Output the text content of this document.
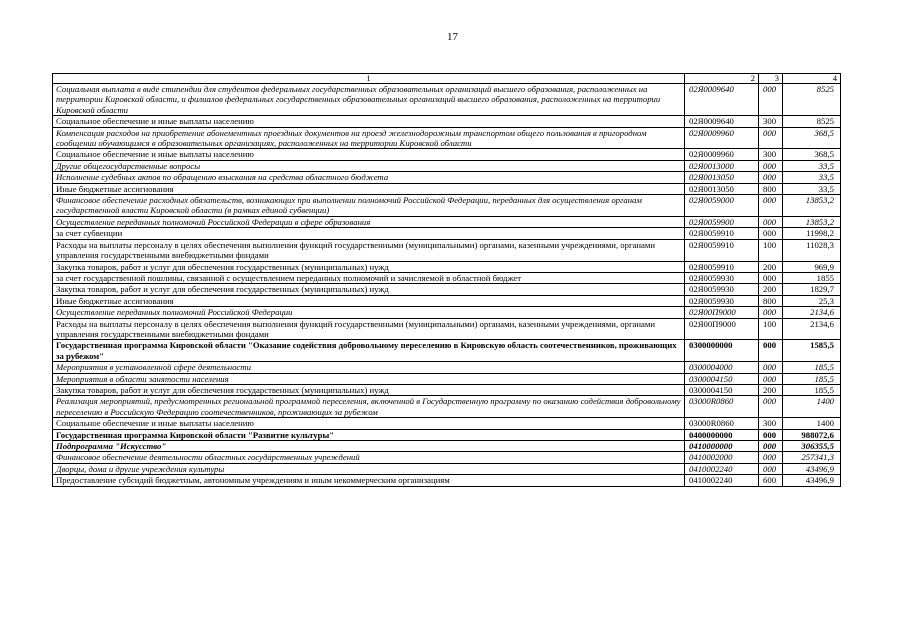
17
1	2	3	4
Социальная выплата в виде стипендии для студентов федеральных государственных образовательных организаций высшего образования, расположенных на территории Кировской области, и филиалов федеральных государственных образовательных организаций высшего образования, расположенных на территории Кировской области	02Я0009640	000	8525
Социальное обеспечение и иные выплаты населению	02Я0009640	300	8525
Компенсация расходов на приобретение абонементных проездных документов на проезд железнодорожным транспортом общего пользования в пригородном сообщении обучающимся в образовательных организациях, расположенных на территории Кировской области	02Я0009960	000	368,5
Социальное обеспечение и иные выплаты населению	02Я0009960	300	368,5
Другие общегосударственные вопросы	02Я0013000	000	33,5
Исполнение судебных актов по обращению взыскания на средства областного бюджета	02Я0013050	000	33,5
Иные бюджетные ассигнования	02Я0013050	800	33,5
Финансовое обеспечение расходных обязательств, возникающих при выполнении полномочий Российской Федерации, переданных для осуществления органам государственной власти Кировской области (в рамках единой субвенции)	02Я0059000	000	13853,2
Осуществление переданных полномочий Российской Федерации в сфере образования	02Я0059900	000	13853,2
за счет субвенции	02Я0059910	000	11998,2
Расходы на выплаты персоналу в целях обеспечения выполнения функций государственными (муниципальными) органами, казенными учреждениями, органами управления государственными внебюджетными фондами	02Я0059910	100	11028,3
Закупка товаров, работ и услуг для обеспечения государственных (муниципальных) нужд	02Я0059910	200	969,9
за счет государственной пошлины, связанной с осуществлением переданных полномочий и зачисляемой в областной бюджет	02Я0059930	000	1855
Закупка товаров, работ и услуг для обеспечения государственных (муниципальных) нужд	02Я0059930	200	1829,7
Иные бюджетные ассигнования	02Я0059930	800	25,3
Осуществление переданных полномочий Российской Федерации	02Я00П9000	000	2134,6
Расходы на выплаты персоналу в целях обеспечения выполнения функций государственными (муниципальными) органами, казенными учреждениями, органами управления государственными внебюджетными фондами	02Я00П9000	100	2134,6
Государственная программа Кировской области "Оказание содействия добровольному переселению в Кировскую область соотечественников, проживающих за рубежом"	0300000000	000	1585,5
Мероприятия в установленной сфере деятельности	0300004000	000	185,5
Мероприятия в области занятости населения	0300004150	000	185,5
Закупка товаров, работ и услуг для обеспечения государственных (муниципальных) нужд	0300004150	200	185,5
Реализация мероприятий, предусмотренных региональной программой переселения, включенной в Государственную программу по оказанию содействия добровольному переселению в Российскую Федерацию соотечественников, проживающих за рубежом	03000R0860	000	1400
Социальное обеспечение и иные выплаты населению	03000R0860	300	1400
Государственная программа Кировской области "Развитие культуры"	0400000000	000	988072,6
Подпрограмма "Искусство"	0410000000	000	306355,5
Финансовое обеспечение деятельности областных государственных учреждений	0410002000	000	257341,3
Дворцы, дома и другие учреждения культуры	0410002240	000	43496,9
Предоставление субсидий бюджетным, автономным учреждениям и иным некоммерческим организациям	0410002240	600	43496,9
